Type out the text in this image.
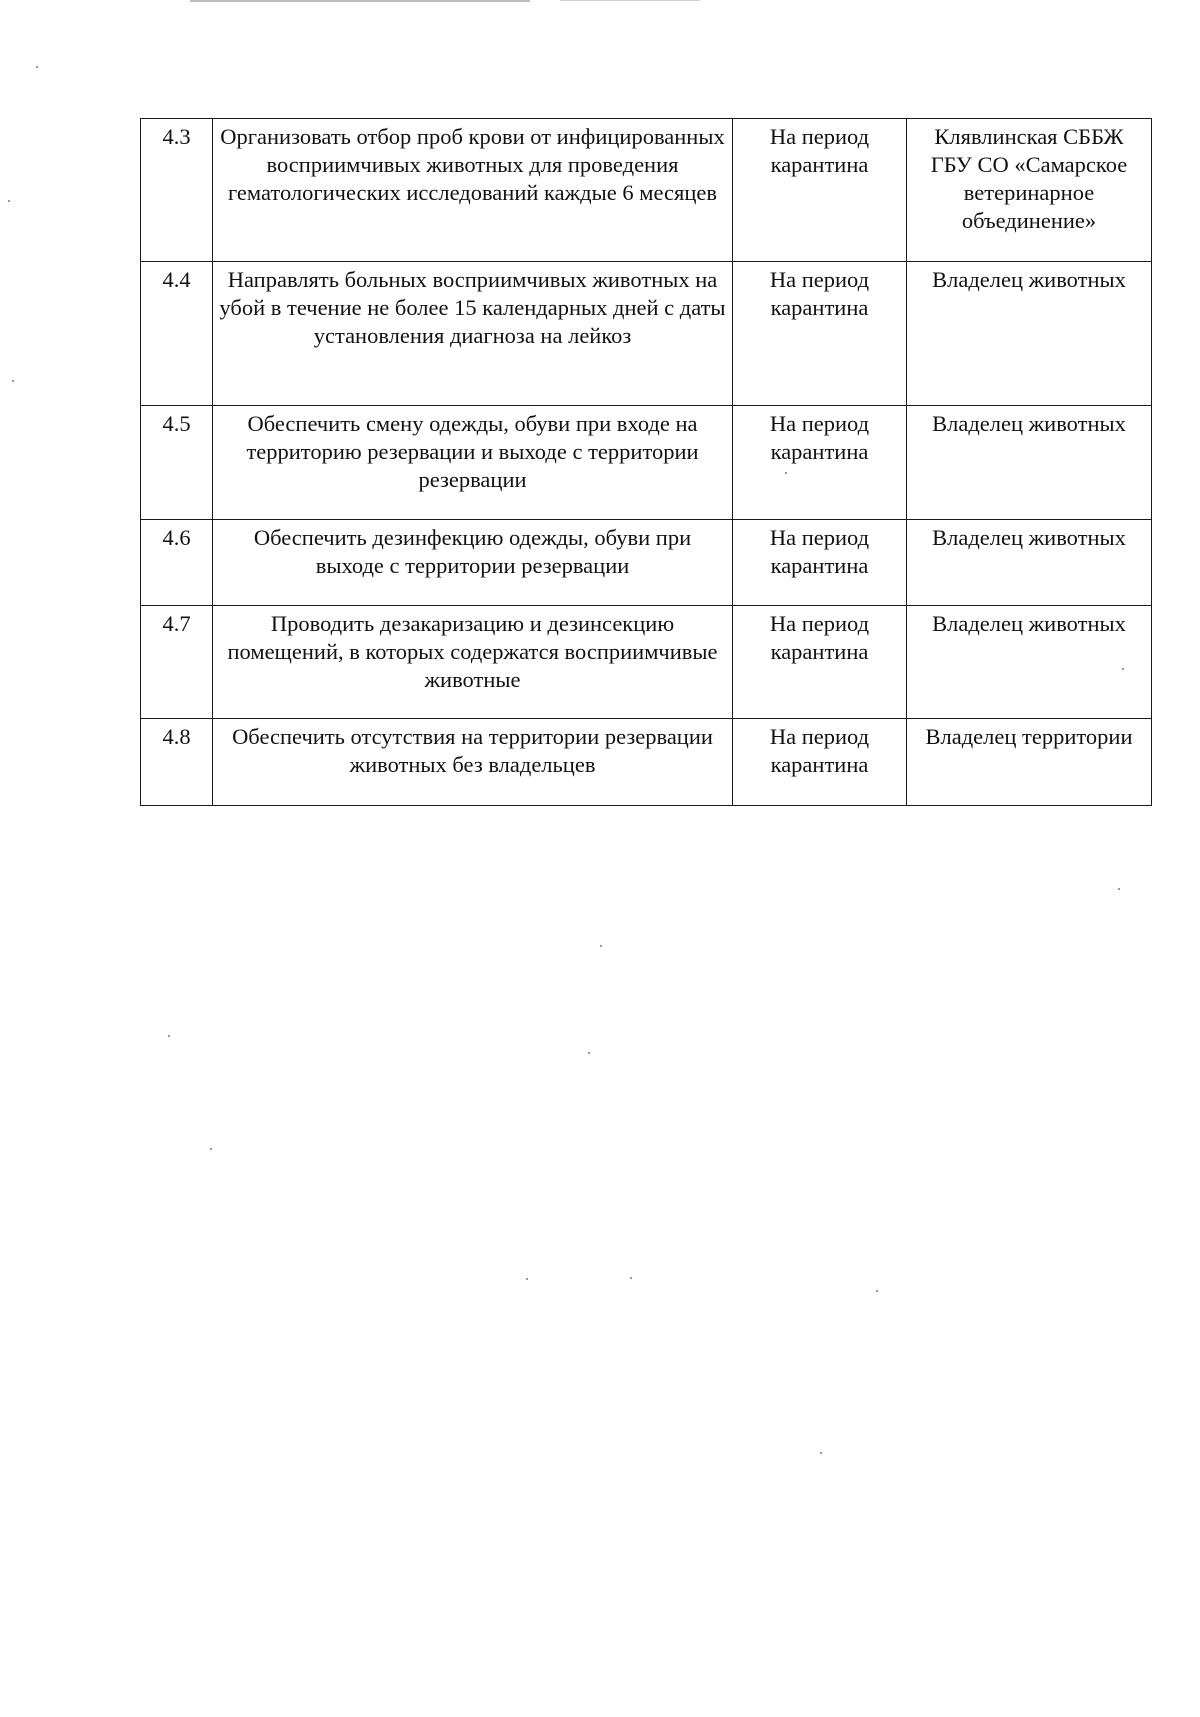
4.3	Организовать отбор проб крови от инфицированных восприимчивых животных для проведения гематологических исследований каждые 6 месяцев	На период карантина	Клявлинская СББЖ ГБУ СО «Самарское ветеринарное объединение»
4.4	Направлять больных восприимчивых животных на убой в течение не более 15 календарных дней с даты установления диагноза на лейкоз	На период карантина	Владелец животных
4.5	Обеспечить смену одежды, обуви при входе на территорию резервации и выходе с территории резервации	На период карантина	Владелец животных
4.6	Обеспечить дезинфекцию одежды, обуви при выходе с территории резервации	На период карантина	Владелец животных
4.7	Проводить дезакаризацию и дезинсекцию помещений, в которых содержатся восприимчивые животные	На период карантина	Владелец животных
4.8	Обеспечить отсутствия на территории резервации животных без владельцев	На период карантина	Владелец территории
